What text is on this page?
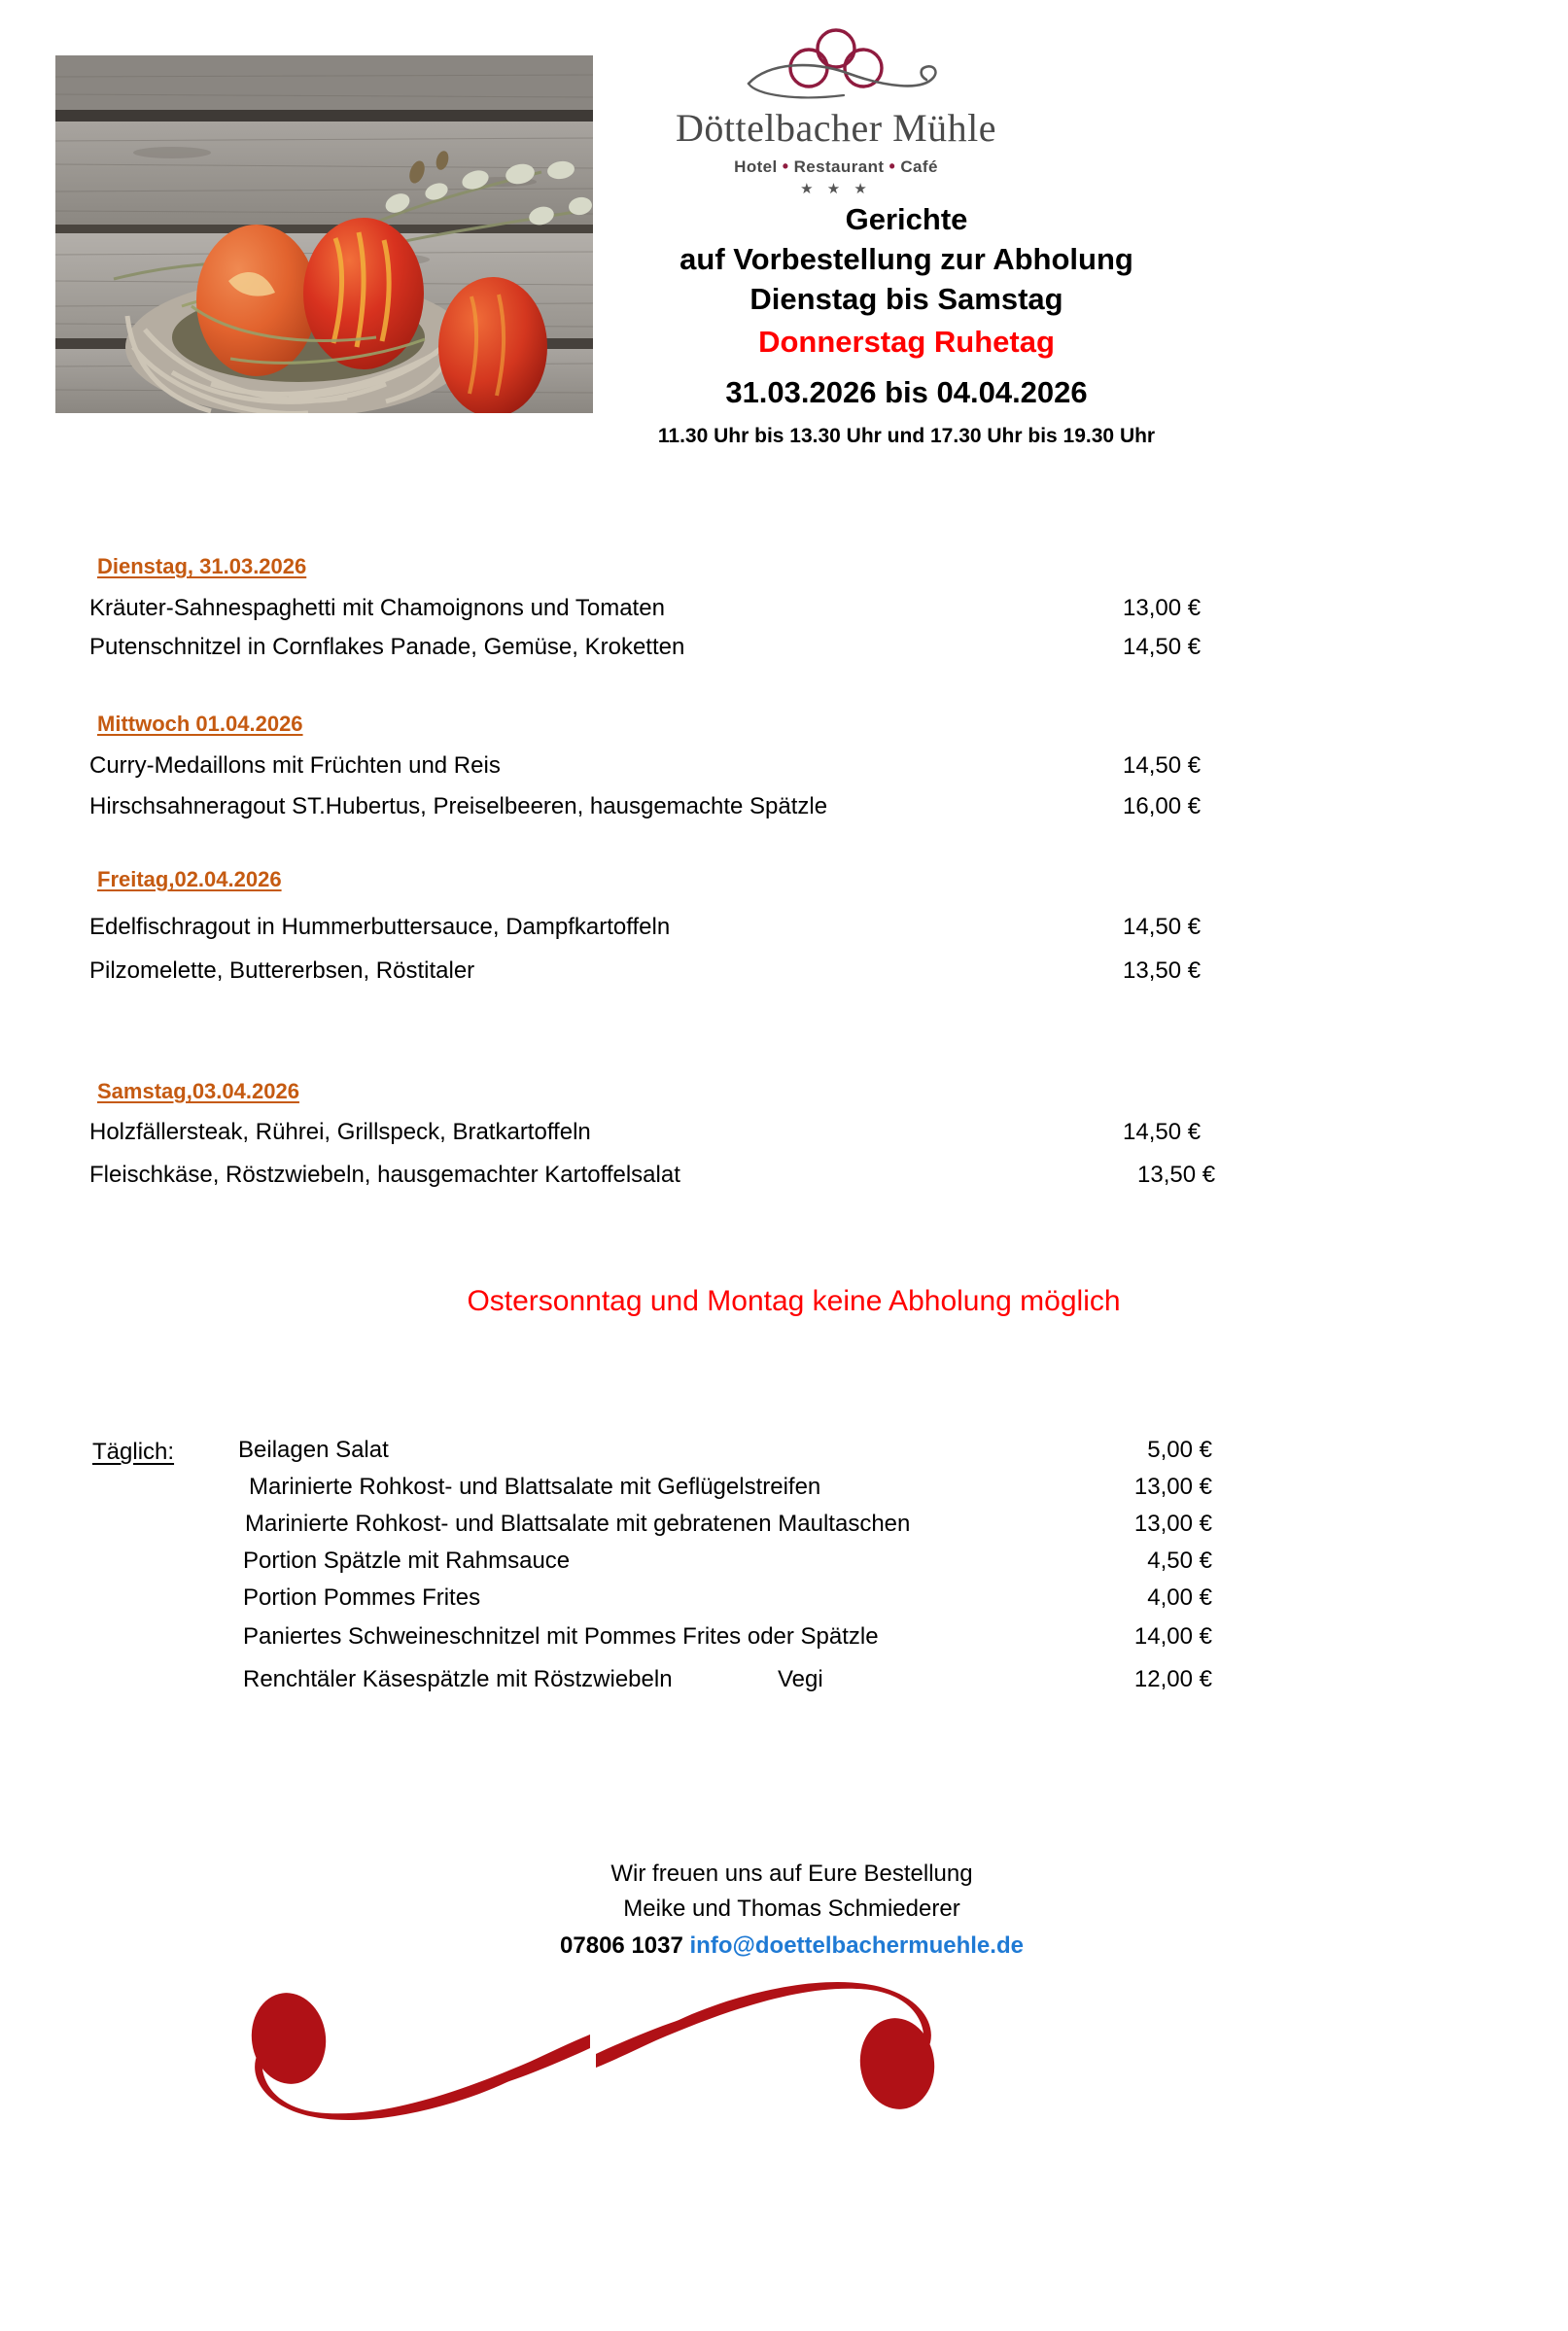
Döttelbacher Mühle
Hotel • Restaurant • Café
★ ★ ★
Gerichte
auf Vorbestellung zur Abholung
Dienstag bis Samstag
Donnerstag Ruhetag
31.03.2026 bis 04.04.2026
11.30 Uhr bis 13.30 Uhr und 17.30 Uhr bis 19.30 Uhr
Dienstag, 31.03.2026
Kräuter-Sahnespaghetti mit Chamoignons und Tomaten	13,00 €
Putenschnitzel in Cornflakes Panade, Gemüse, Kroketten	14,50 €
Mittwoch 01.04.2026
Curry-Medaillons mit Früchten und Reis	14,50 €
Hirschsahneragout ST.Hubertus, Preiselbeeren, hausgemachte Spätzle	16,00 €
Freitag,02.04.2026
Edelfischragout in Hummerbuttersauce, Dampfkartoffeln	14,50 €
Pilzomelette, Buttererbsen, Röstitaler	13,50 €
Samstag,03.04.2026
Holzfällersteak, Rührei, Grillspeck, Bratkartoffeln	14,50 €
Fleischkäse, Röstzwiebeln, hausgemachter Kartoffelsalat	13,50 €
Ostersonntag und Montag keine Abholung möglich
Täglich:	Beilagen Salat	5,00 €
Marinierte Rohkost- und Blattsalate mit Geflügelstreifen	13,00 €
Marinierte Rohkost- und Blattsalate mit gebratenen Maultaschen	13,00 €
Portion Spätzle mit Rahmsauce	4,50 €
Portion Pommes Frites	4,00 €
Paniertes Schweineschnitzel mit Pommes Frites oder Spätzle	14,00 €
Renchtäler Käsespätzle mit Röstzwiebeln	Vegi	12,00 €
Wir freuen uns auf Eure Bestellung
Meike und Thomas Schmiederer
07806 1037 info@doettelbachermuehle.de
